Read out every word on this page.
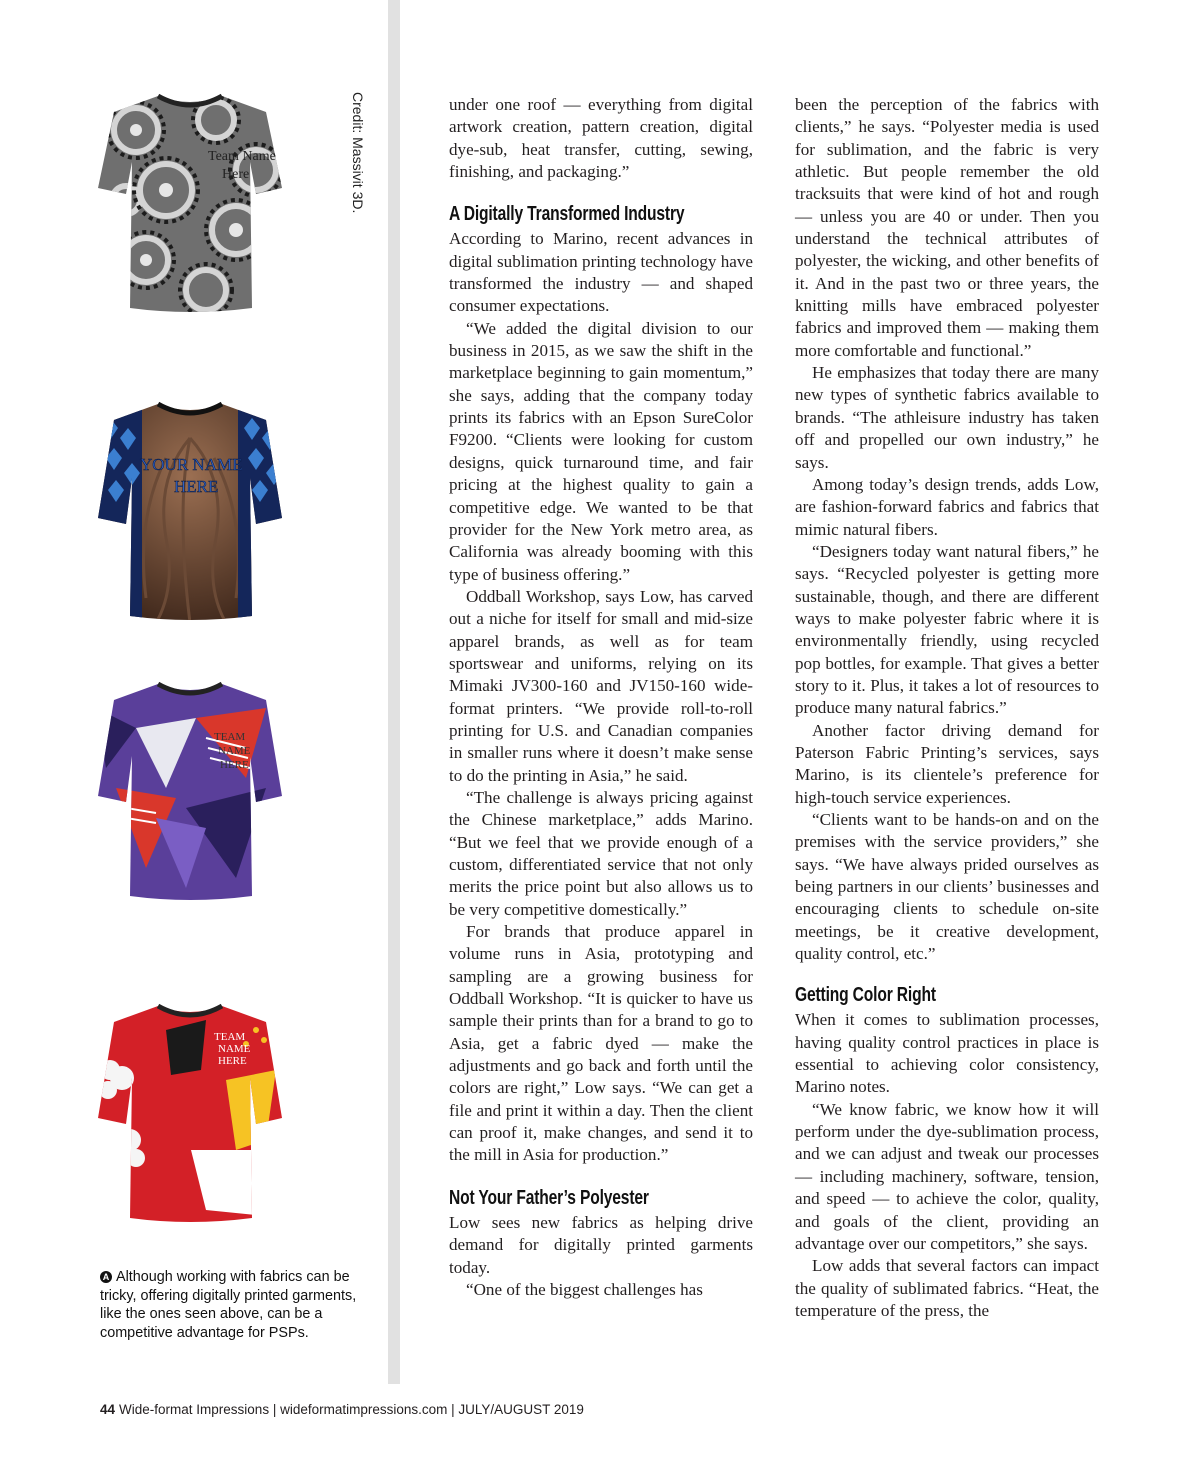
Credit: Massivit 3D.
Team Name
Here
YOUR NAME
HERE
TEAM
NAME
HERE
TEAM
NAME
HERE
A Although working with fabrics can be tricky, offering digitally printed garments, like the ones seen above, can be a competitive advantage for PSPs.

under one roof — everything from digital artwork creation, pattern creation, digital dye-sub, heat transfer, cutting, sewing, finishing, and packaging.”

A Digitally Transformed Industry

According to Marino, recent advances in digital sublimation printing technology have transformed the industry — and shaped consumer expectations.

“We added the digital division to our business in 2015, as we saw the shift in the marketplace beginning to gain momentum,” she says, adding that the company today prints its fabrics with an Epson SureColor F9200. “Clients were looking for custom designs, quick turnaround time, and fair pricing at the highest quality to gain a competitive edge. We wanted to be that provider for the New York metro area, as California was already booming with this type of business offering.”

Oddball Workshop, says Low, has carved out a niche for itself for small and mid-size apparel brands, as well as for team sportswear and uniforms, relying on its Mimaki JV300-160 and JV150-160 wide-format printers. “We provide roll-to-roll printing for U.S. and Canadian companies in smaller runs where it doesn’t make sense to do the printing in Asia,” he said.

“The challenge is always pricing against the Chinese marketplace,” adds Marino. “But we feel that we provide enough of a custom, differentiated service that not only merits the price point but also allows us to be very competitive domestically.”

For brands that produce apparel in volume runs in Asia, prototyping and sampling are a growing business for Oddball Workshop. “It is quicker to have us sample their prints than for a brand to go to Asia, get a fabric dyed — make the adjustments and go back and forth until the colors are right,” Low says. “We can get a file and print it within a day. Then the client can proof it, make changes, and send it to the mill in Asia for production.”

Not Your Father’s Polyester

Low sees new fabrics as helping drive demand for digitally printed garments today.

“One of the biggest challenges has

been the perception of the fabrics with clients,” he says. “Polyester media is used for sublimation, and the fabric is very athletic. But people remember the old tracksuits that were kind of hot and rough — unless you are 40 or under. Then you understand the technical attributes of polyester, the wicking, and other benefits of it. And in the past two or three years, the knitting mills have embraced polyester fabrics and improved them — making them more comfortable and functional.”

He emphasizes that today there are many new types of synthetic fabrics available to brands. “The athleisure industry has taken off and propelled our own industry,” he says.

Among today’s design trends, adds Low, are fashion-forward fabrics and fabrics that mimic natural fibers.

“Designers today want natural fibers,” he says. “Recycled polyester is getting more sustainable, though, and there are different ways to make polyester fabric where it is environmentally friendly, using recycled pop bottles, for example. That gives a better story to it. Plus, it takes a lot of resources to produce many natural fabrics.”

Another factor driving demand for Paterson Fabric Printing’s services, says Marino, is its clientele’s preference for high-touch service experiences.

“Clients want to be hands-on and on the premises with the service providers,” she says. “We have always prided ourselves as being partners in our clients’ businesses and encouraging clients to schedule on-site meetings, be it creative development, quality control, etc.”

Getting Color Right

When it comes to sublimation processes, having quality control practices in place is essential to achieving color consistency, Marino notes.

“We know fabric, we know how it will perform under the dye-sublimation process, and we can adjust and tweak our processes — including machinery, software, tension, and speed — to achieve the color, quality, and goals of the client, providing an advantage over our competitors,” she says.

Low adds that several factors can impact the quality of sublimated fabrics. “Heat, the temperature of the press, the

44 Wide-format Impressions | wideformatimpressions.com | JULY/AUGUST 2019
